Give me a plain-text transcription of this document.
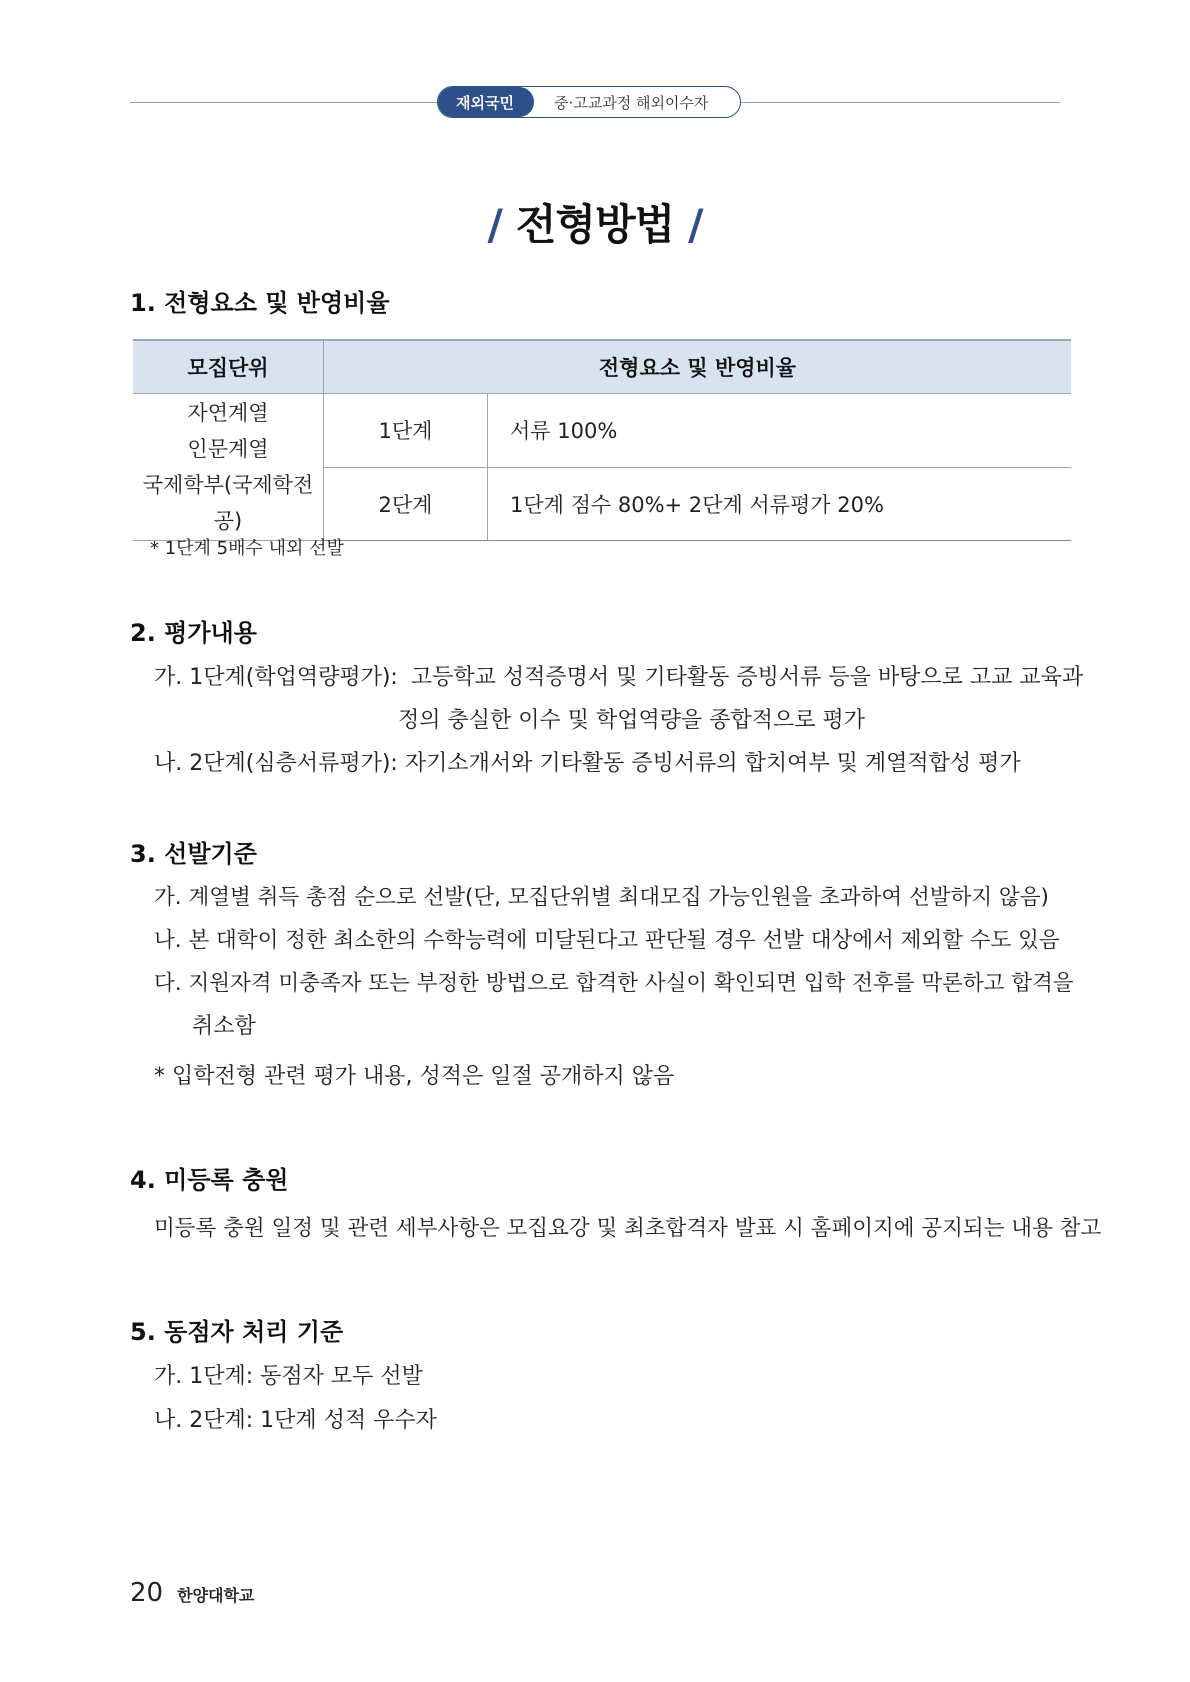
재외국민	중·고교과정 해외이수자
/ 전형방법 /
1. 전형요소 및 반영비율
모집단위	전형요소 및 반영비율	

자연계열
인문계열
국제학부(국제학전공)	1단계	서류 100%
	2단계	1단계 점수 80%+ 2단계 서류평가 20%
* 1단계 5배수 내외 선발
2. 평가내용
가. 1단계(학업역량평가): 고등학교 성적증명서 및 기타활동 증빙서류 등을 바탕으로 고교 교육과
정의 충실한 이수 및 학업역량을 종합적으로 평가
나. 2단계(심층서류평가): 자기소개서와 기타활동 증빙서류의 합치여부 및 계열적합성 평가
3. 선발기준
가. 계열별 취득 총점 순으로 선발(단, 모집단위별 최대모집 가능인원을 초과하여 선발하지 않음)
나. 본 대학이 정한 최소한의 수학능력에 미달된다고 판단될 경우 선발 대상에서 제외할 수도 있음
다. 지원자격 미충족자 또는 부정한 방법으로 합격한 사실이 확인되면 입학 전후를 막론하고 합격을
취소함
* 입학전형 관련 평가 내용, 성적은 일절 공개하지 않음
4. 미등록 충원
미등록 충원 일정 및 관련 세부사항은 모집요강 및 최초합격자 발표 시 홈페이지에 공지되는 내용 참고
5. 동점자 처리 기준
가. 1단계: 동점자 모두 선발
나. 2단계: 1단계 성적 우수자
20 한양대학교
